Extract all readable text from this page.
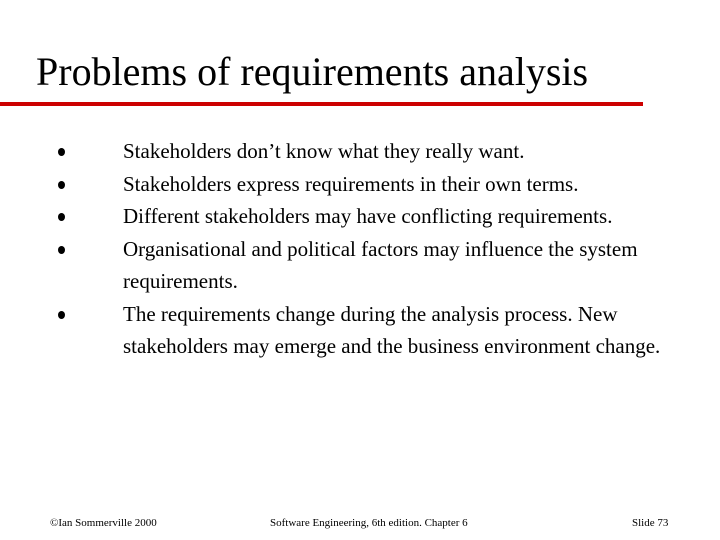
Problems of requirements analysis
Stakeholders don’t know what they really want.
Stakeholders express requirements in their own terms.
Different stakeholders may have conflicting requirements.
Organisational and political factors may influence the system requirements.
The requirements change during the analysis process. New stakeholders may emerge and the business environment change.
©Ian Sommerville 2000	Software Engineering, 6th edition. Chapter 6	Slide 73
